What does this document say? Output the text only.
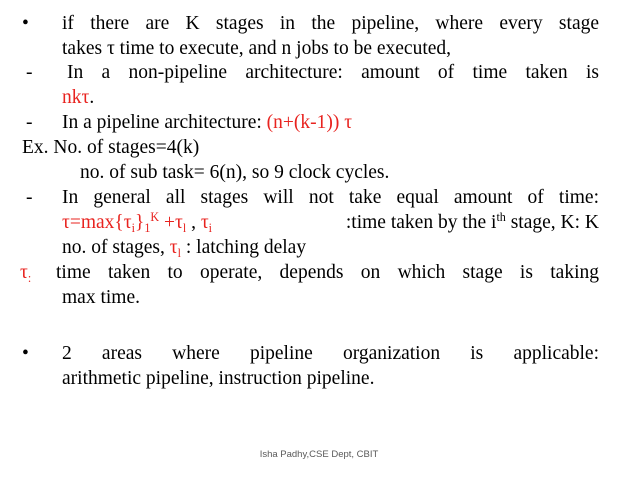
• if there are K stages in the pipeline, where every stage
takes τ time to execute, and n jobs to be executed,
- In a non-pipeline architecture: amount of time taken is
nkτ.
- In a pipeline architecture: (n+(k-1)) τ
Ex. No. of stages=4(k)
no. of sub task= 6(n), so 9 clock cycles.
- In general all stages will not take equal amount of time:
$\tau=\max\{\tau_i\}_1^K +\tau_l$ , $\tau_i$	:time taken by the $i^{th}$ stage, K: K
no. of stages, $\tau_l$ : latching delay
$\tau_:$ time taken to operate, depends on which stage is taking
max time.
• 2 areas where pipeline organization is applicable:
arithmetic pipeline, instruction pipeline.
Isha Padhy,CSE Dept, CBIT
